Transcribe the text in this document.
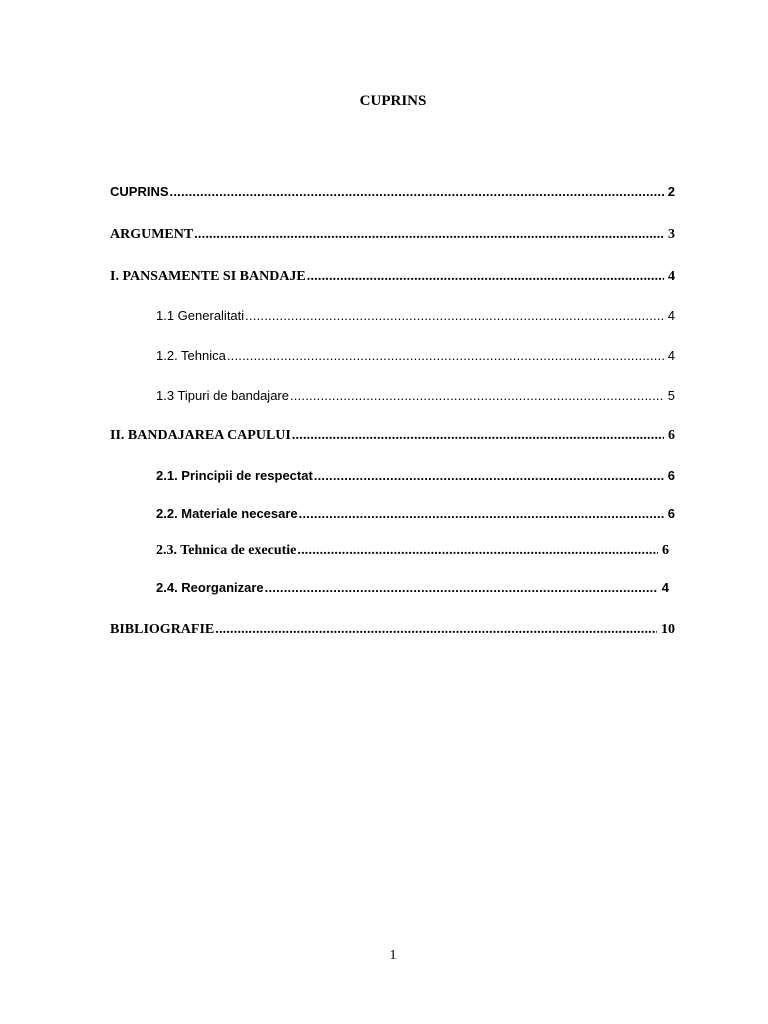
CUPRINS
CUPRINS .....	2
ARGUMENT .....	3
I. PANSAMENTE SI BANDAJE .....	4
1.1 Generalitati .....	4
1.2. Tehnica .....	4
1.3 Tipuri de bandajare .....	5
II. BANDAJAREA CAPULUI .....	6
2.1. Principii de respectat .....	6
2.2. Materiale necesare .....	6
2.3. Tehnica de executie .....	6
2.4. Reorganizare .....	4
BIBLIOGRAFIE .....	10
1
